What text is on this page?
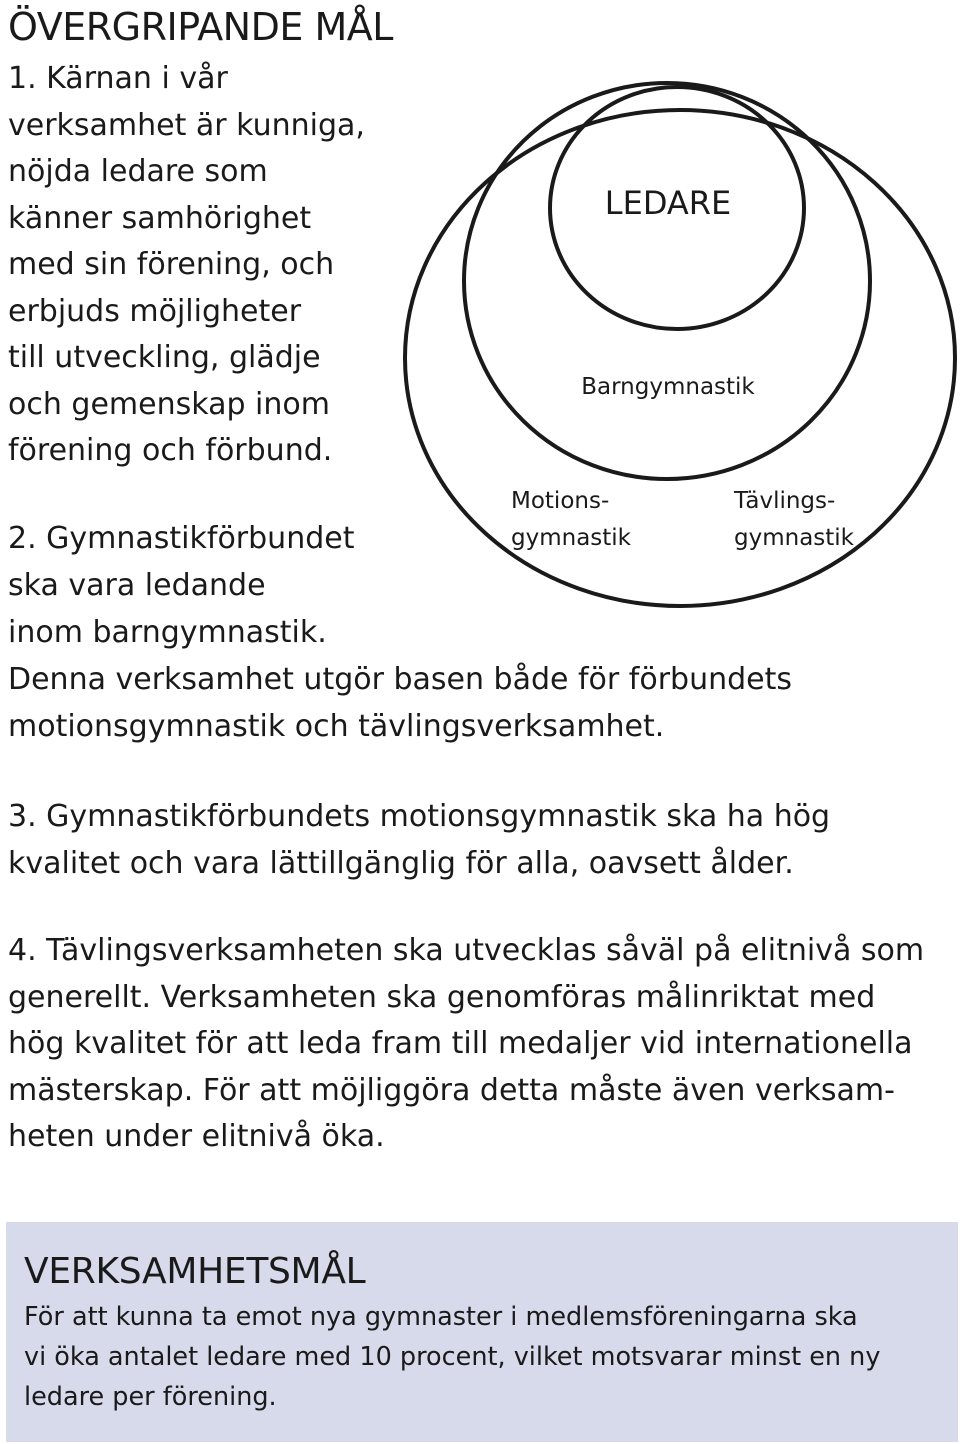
ÖVERGRIPANDE MÅL
1. Kärnan i vår
verksamhet är kunniga,
nöjda ledare som
känner samhörighet
med sin förening, och
erbjuds möjligheter
till utveckling, glädje
och gemenskap inom
förening och förbund.
LEDARE
Barngymnastik
Motions-
gymnastik
Tävlings-
gymnastik
2. Gymnastikförbundet
ska vara ledande
inom barngymnastik.
Denna verksamhet utgör basen både för förbundets
motionsgymnastik och tävlingsverksamhet.
3. Gymnastikförbundets motionsgymnastik ska ha hög
kvalitet och vara lättillgänglig för alla, oavsett ålder.
4. Tävlingsverksamheten ska utvecklas såväl på elitnivå som
generellt. Verksamheten ska genomföras målinriktat med
hög kvalitet för att leda fram till medaljer vid internationella
mästerskap. För att möjliggöra detta måste även verksam-
heten under elitnivå öka.
VERKSAMHETSMÅL
För att kunna ta emot nya gymnaster i medlemsföreningarna ska
vi öka antalet ledare med 10 procent, vilket motsvarar minst en ny
ledare per förening.
